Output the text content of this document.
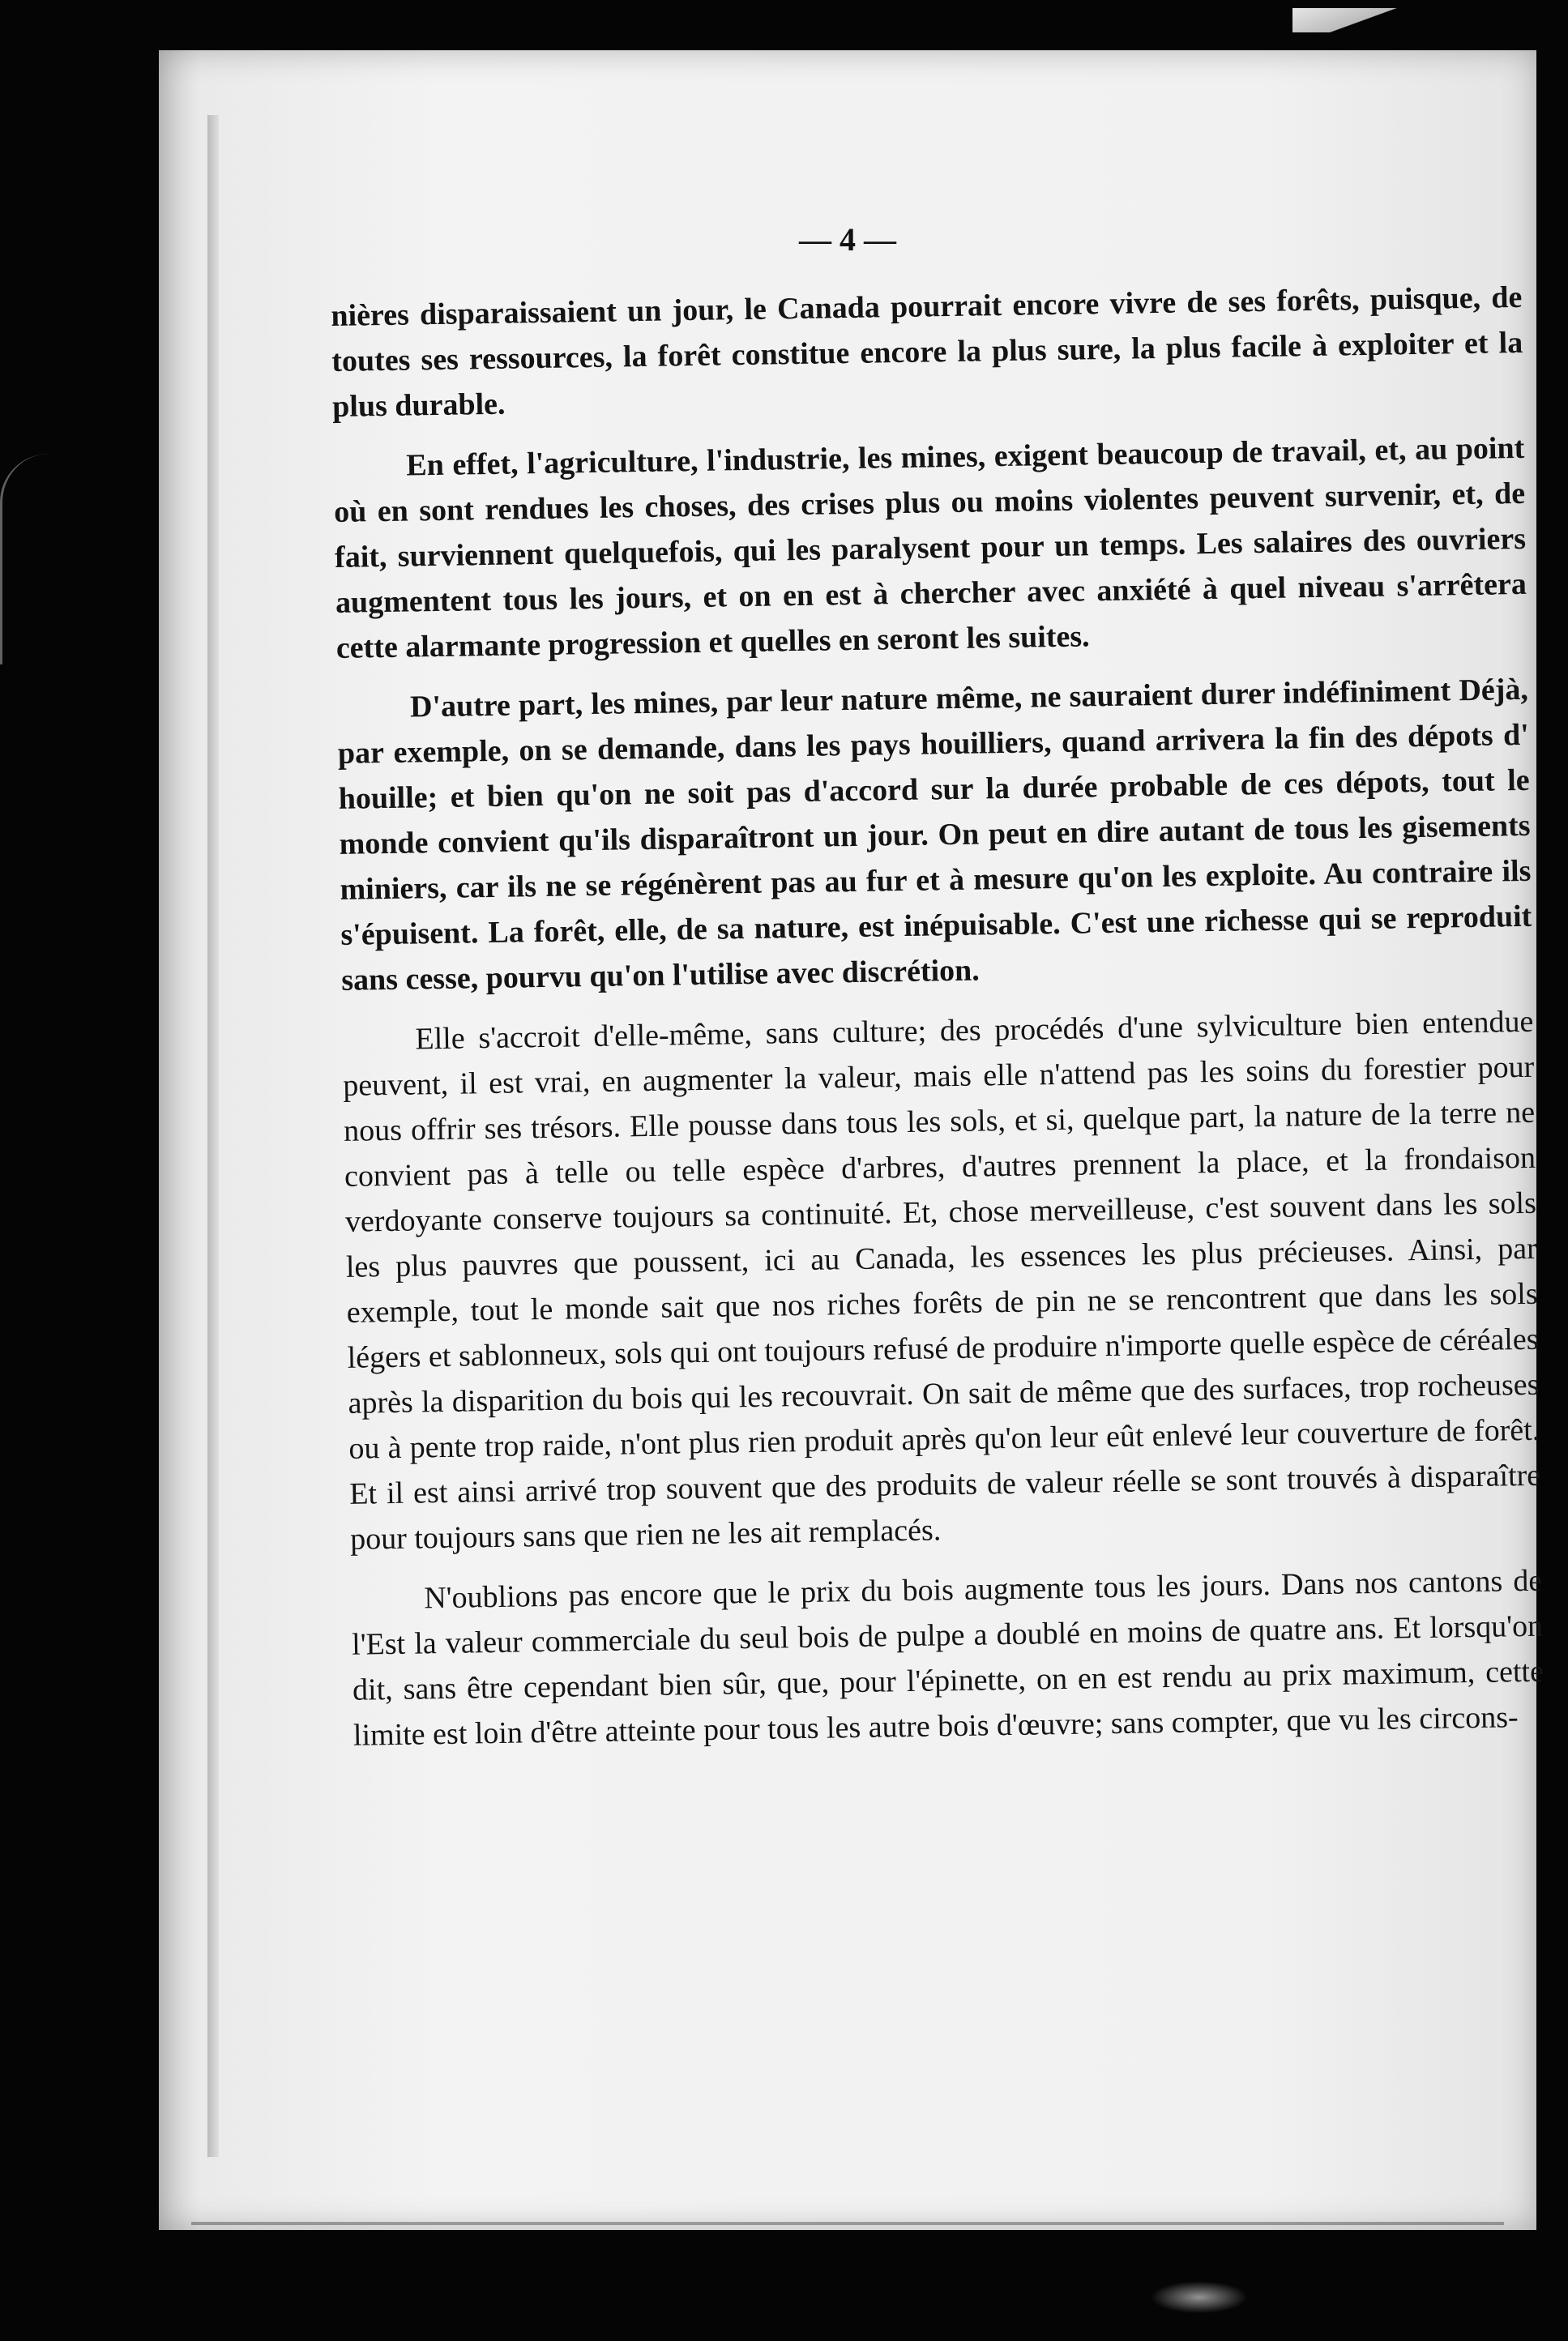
— 4 —

nières disparaissaient un jour, le Canada pourrait encore vivre de ses forêts, puisque, de toutes ses ressources, la forêt constitue encore la plus sure, la plus facile à exploiter et la plus durable.

En effet, l'agriculture, l'industrie, les mines, exigent beaucoup de travail, et, au point où en sont rendues les choses, des crises plus ou moins violentes peuvent survenir, et, de fait, surviennent quelquefois, qui les paralysent pour un temps. Les salaires des ouvriers augmentent tous les jours, et on en est à chercher avec anxiété à quel niveau s'arrêtera cette alarmante progression et quelles en seront les suites.

D'autre part, les mines, par leur nature même, ne sauraient durer indéfiniment Déjà, par exemple, on se demande, dans les pays houilliers, quand arrivera la fin des dépots d' houille; et bien qu'on ne soit pas d'accord sur la durée probable de ces dépots, tout le monde convient qu'ils disparaîtront un jour. On peut en dire autant de tous les gisements miniers, car ils ne se régénèrent pas au fur et à mesure qu'on les exploite. Au contraire ils s'épuisent. La forêt, elle, de sa nature, est inépuisable. C'est une richesse qui se reproduit sans cesse, pourvu qu'on l'utilise avec discrétion.

Elle s'accroit d'elle-même, sans culture; des procédés d'une sylviculture bien entendue peuvent, il est vrai, en augmenter la valeur, mais elle n'attend pas les soins du forestier pour nous offrir ses trésors. Elle pousse dans tous les sols, et si, quelque part, la nature de la terre ne convient pas à telle ou telle espèce d'arbres, d'autres prennent la place, et la frondaison verdoyante conserve toujours sa continuité. Et, chose merveilleuse, c'est souvent dans les sols les plus pauvres que poussent, ici au Canada, les essences les plus précieuses. Ainsi, par exemple, tout le monde sait que nos riches forêts de pin ne se rencontrent que dans les sols légers et sablonneux, sols qui ont toujours refusé de produire n'importe quelle espèce de céréales après la disparition du bois qui les recouvrait. On sait de même que des surfaces, trop rocheuses ou à pente trop raide, n'ont plus rien produit après qu'on leur eût enlevé leur couverture de forêt. Et il est ainsi arrivé trop souvent que des produits de valeur réelle se sont trouvés à disparaître pour toujours sans que rien ne les ait remplacés.

N'oublions pas encore que le prix du bois augmente tous les jours. Dans nos cantons de l'Est la valeur commerciale du seul bois de pulpe a doublé en moins de quatre ans. Et lorsqu'on dit, sans être cependant bien sûr, que, pour l'épinette, on en est rendu au prix maximum, cette limite est loin d'être atteinte pour tous les autre bois d'œuvre; sans compter, que vu les circons-
